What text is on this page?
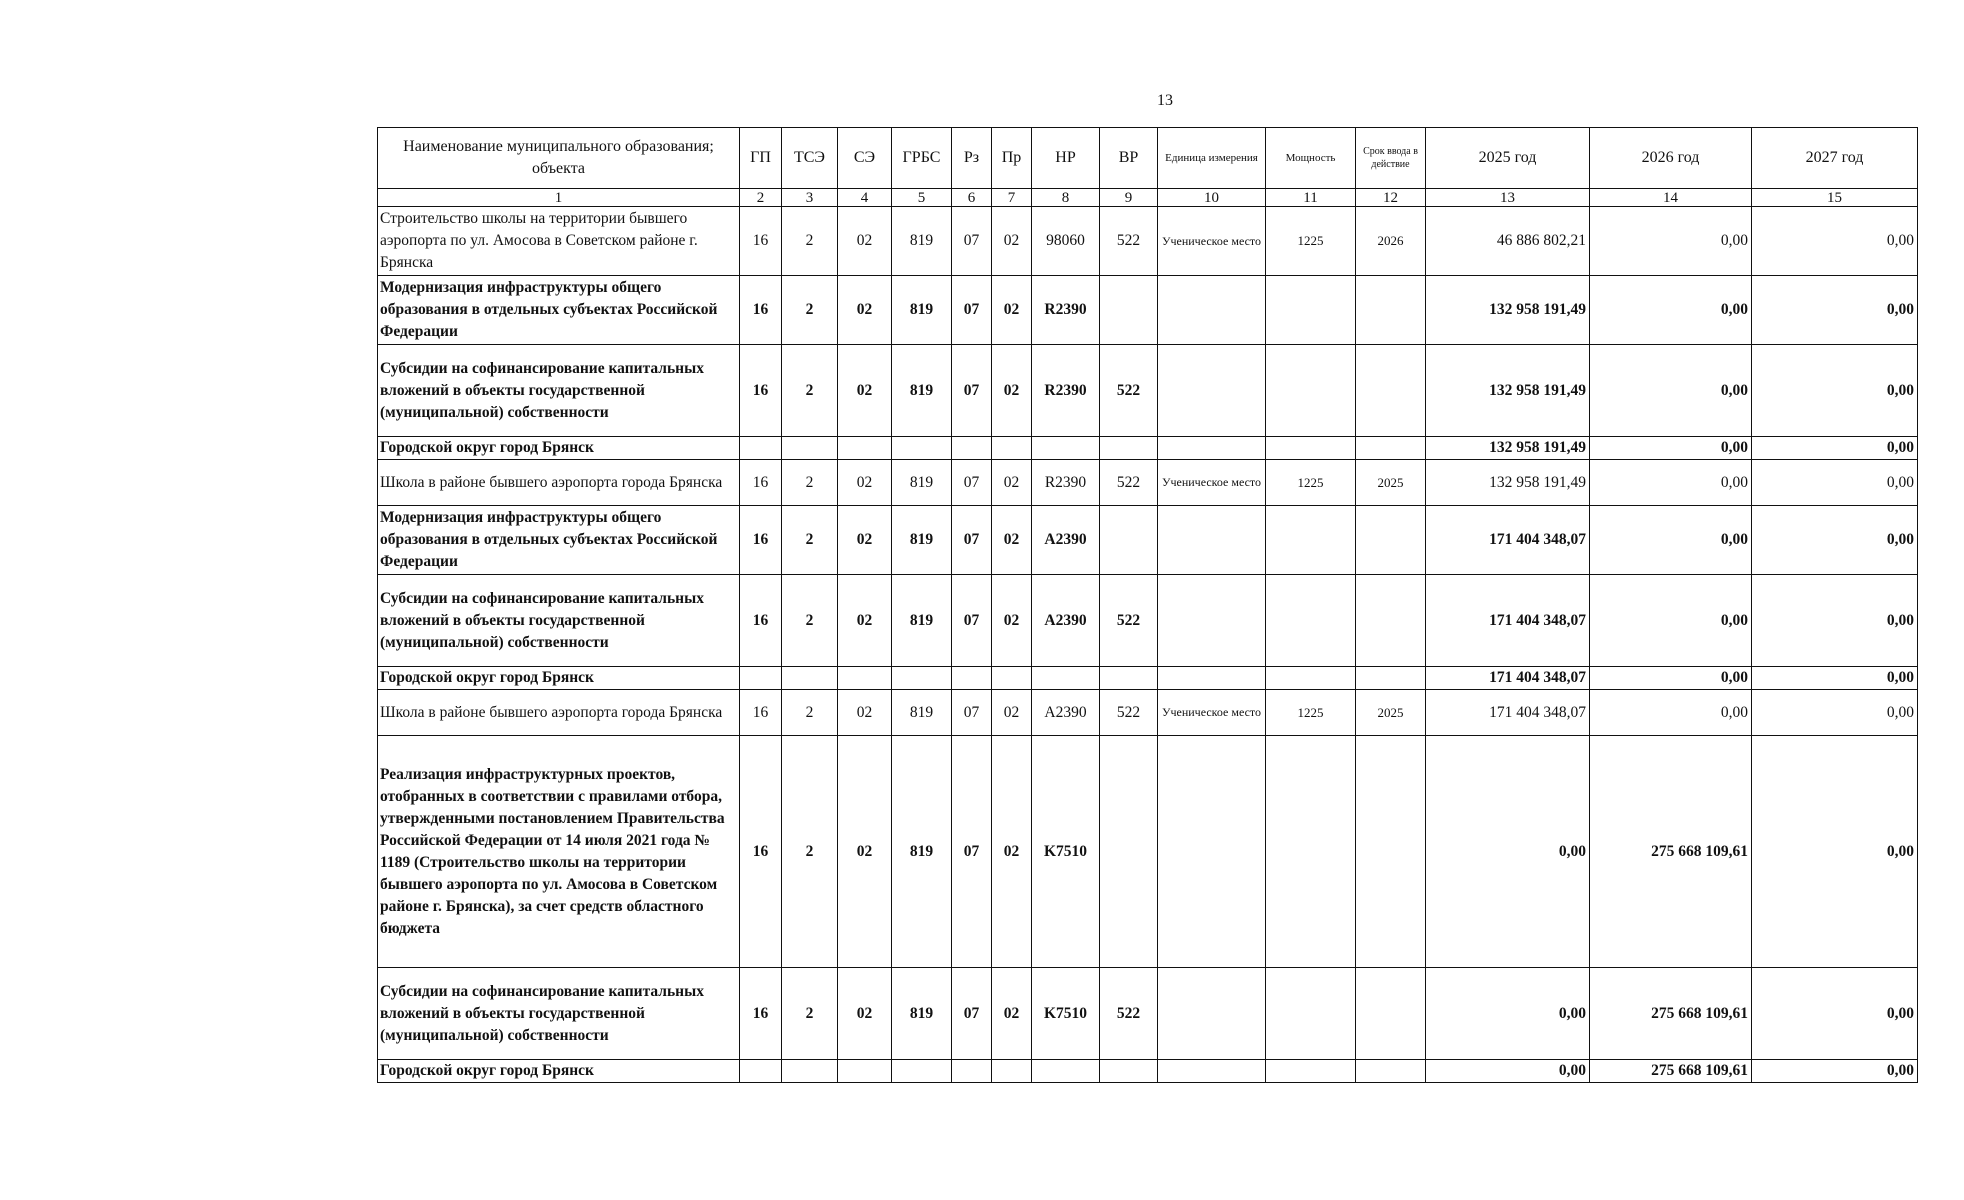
13
Наименование муниципального образования; объекта	ГП	ТСЭ	СЭ	ГРБС	Рз	Пр	НР	ВР	Единица измерения	Мощность	Срок ввода в действие	2025 год	2026 год	2027 год
1	2	3	4	5	6	7	8	9	10	11	12	13	14	15
Строительство школы на территории бывшего аэропорта по ул. Амосова в Советском районе г. Брянска	16	2	02	819	07	02	98060	522	Ученическое место	1225	2026	46 886 802,21	0,00	0,00
Модернизация инфраструктуры общего образования в отдельных субъектах Российской Федерации	16	2	02	819	07	02	R2390					132 958 191,49	0,00	0,00
Субсидии на софинансирование капитальных вложений в объекты государственной (муниципальной) собственности	16	2	02	819	07	02	R2390	522				132 958 191,49	0,00	0,00
Городской округ город Брянск												132 958 191,49	0,00	0,00
Школа в районе бывшего аэропорта города Брянска	16	2	02	819	07	02	R2390	522	Ученическое место	1225	2025	132 958 191,49	0,00	0,00
Модернизация инфраструктуры общего образования в отдельных субъектах Российской Федерации	16	2	02	819	07	02	A2390					171 404 348,07	0,00	0,00
Субсидии на софинансирование капитальных вложений в объекты государственной (муниципальной) собственности	16	2	02	819	07	02	A2390	522				171 404 348,07	0,00	0,00
Городской округ город Брянск												171 404 348,07	0,00	0,00
Школа в районе бывшего аэропорта города Брянска	16	2	02	819	07	02	A2390	522	Ученическое место	1225	2025	171 404 348,07	0,00	0,00
Реализация инфраструктурных проектов, отобранных в соответствии с правилами отбора, утвержденными постановлением Правительства Российской Федерации от 14 июля 2021 года № 1189 (Строительство школы на территории бывшего аэропорта по ул. Амосова в Советском районе г. Брянска), за счет средств областного бюджета	16	2	02	819	07	02	K7510					0,00	275 668 109,61	0,00
Субсидии на софинансирование капитальных вложений в объекты государственной (муниципальной) собственности	16	2	02	819	07	02	K7510	522				0,00	275 668 109,61	0,00
Городской округ город Брянск												0,00	275 668 109,61	0,00
